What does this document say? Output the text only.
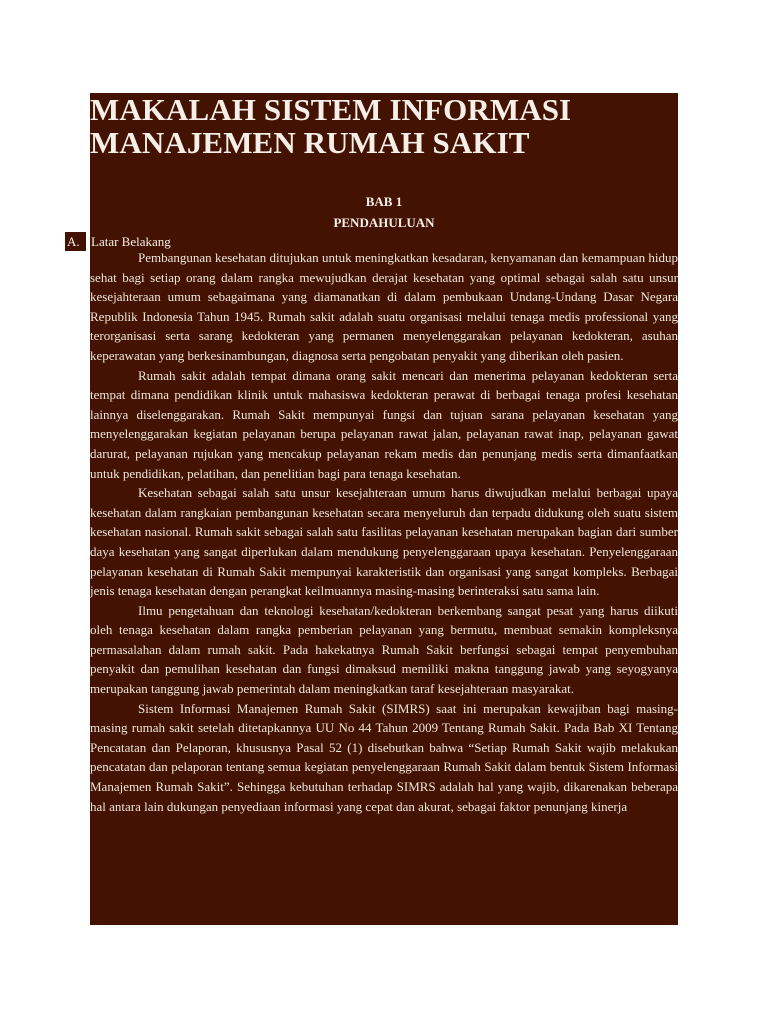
MAKALAH SISTEM INFORMASI
MANAJEMEN RUMAH SAKIT
BAB 1
PENDAHULUAN

Pembangunan kesehatan ditujukan untuk meningkatkan kesadaran, kenyamanan dan kemampuan hidup sehat bagi setiap orang dalam rangka mewujudkan derajat kesehatan yang optimal sebagai salah satu unsur kesejahteraan umum sebagaimana yang diamanatkan di dalam pembukaan Undang-Undang Dasar Negara Republik Indonesia Tahun 1945. Rumah sakit adalah suatu organisasi melalui tenaga medis professional yang terorganisasi serta sarang kedokteran yang permanen menyelenggarakan pelayanan kedokteran, asuhan keperawatan yang berkesinambungan, diagnosa serta pengobatan penyakit yang diberikan oleh pasien.

Rumah sakit adalah tempat dimana orang sakit mencari dan menerima pelayanan kedokteran serta tempat dimana pendidikan klinik untuk mahasiswa kedokteran perawat di berbagai tenaga profesi kesehatan lainnya diselenggarakan. Rumah Sakit mempunyai fungsi dan tujuan sarana pelayanan kesehatan yang menyelenggarakan kegiatan pelayanan berupa pelayanan rawat jalan, pelayanan rawat inap, pelayanan gawat darurat, pelayanan rujukan yang mencakup pelayanan rekam medis dan penunjang medis serta dimanfaatkan untuk pendidikan, pelatihan, dan penelitian bagi para tenaga kesehatan.

Kesehatan sebagai salah satu unsur kesejahteraan umum harus diwujudkan melalui berbagai upaya kesehatan dalam rangkaian pembangunan kesehatan secara menyeluruh dan terpadu didukung oleh suatu sistem kesehatan nasional. Rumah sakit sebagai salah satu fasilitas pelayanan kesehatan merupakan bagian dari sumber daya kesehatan yang sangat diperlukan dalam mendukung penyelenggaraan upaya kesehatan. Penyelenggaraan pelayanan kesehatan di Rumah Sakit mempunyai karakteristik dan organisasi yang sangat kompleks. Berbagai jenis tenaga kesehatan dengan perangkat keilmuannya masing-masing berinteraksi satu sama lain.

Ilmu pengetahuan dan teknologi kesehatan/kedokteran berkembang sangat pesat yang harus diikuti oleh tenaga kesehatan dalam rangka pemberian pelayanan yang bermutu, membuat semakin kompleksnya permasalahan dalam rumah sakit. Pada hakekatnya Rumah Sakit berfungsi sebagai tempat penyembuhan penyakit dan pemulihan kesehatan dan fungsi dimaksud memiliki makna tanggung jawab yang seyogyanya merupakan tanggung jawab pemerintah dalam meningkatkan taraf kesejahteraan masyarakat.

Sistem Informasi Manajemen Rumah Sakit (SIMRS) saat ini merupakan kewajiban bagi masing-masing rumah sakit setelah ditetapkannya UU No 44 Tahun 2009 Tentang Rumah Sakit. Pada Bab XI Tentang Pencatatan dan Pelaporan, khususnya Pasal 52 (1) disebutkan bahwa “Setiap Rumah Sakit wajib melakukan pencatatan dan pelaporan tentang semua kegiatan penyelenggaraan Rumah Sakit dalam bentuk Sistem Informasi Manajemen Rumah Sakit”. Sehingga kebutuhan terhadap SIMRS adalah hal yang wajib, dikarenakan beberapa hal antara lain dukungan penyediaan informasi yang cepat dan akurat, sebagai faktor penunjang kinerja

A. Latar Belakang
